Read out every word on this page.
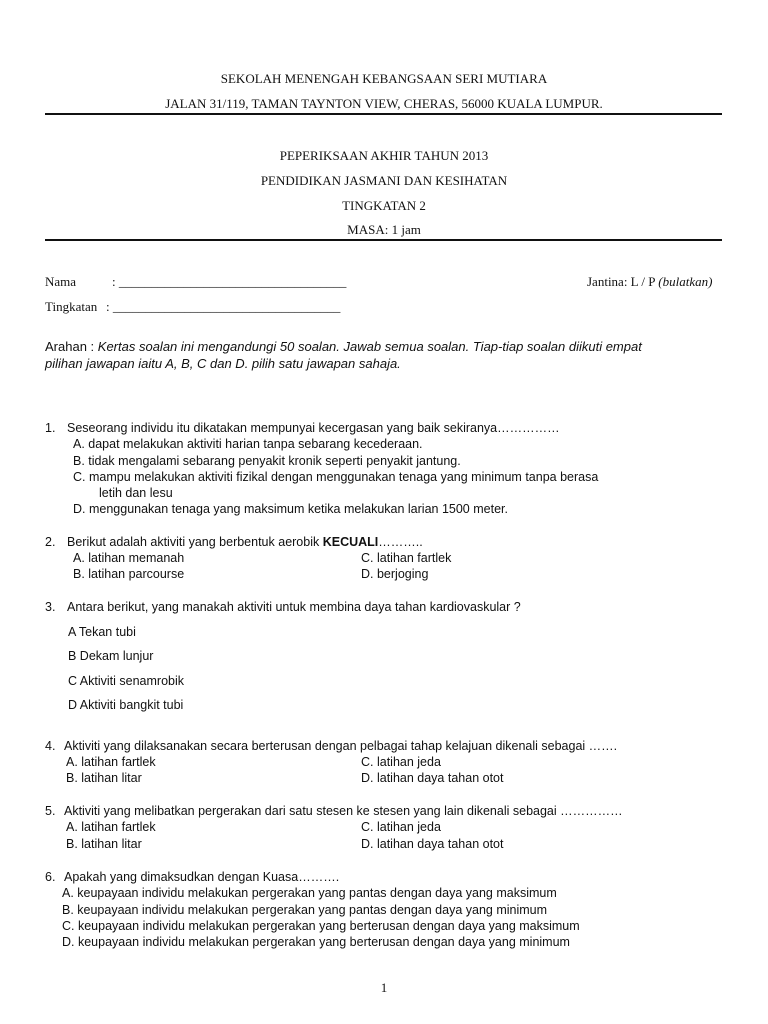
SEKOLAH MENENGAH KEBANGSAAN SERI MUTIARA
JALAN 31/119, TAMAN TAYNTON VIEW, CHERAS, 56000 KUALA LUMPUR.
PEPERIKSAAN AKHIR TAHUN 2013
PENDIDIKAN JASMANI DAN KESIHATAN
TINGKATAN 2
MASA: 1 jam
Nama	: ___________________________________	Jantina: L / P (bulatkan)
Tingkatan : ___________________________________
Arahan : Kertas soalan ini mengandungi 50 soalan. Jawab semua soalan. Tiap-tiap soalan diikuti empat
pilihan jawapan iaitu A, B, C dan D. pilih satu jawapan sahaja.
1. Seseorang individu itu dikatakan mempunyai kecergasan yang baik sekiranya……………
A. dapat melakukan aktiviti harian tanpa sebarang kecederaan.
B. tidak mengalami sebarang penyakit kronik seperti penyakit jantung.
C. mampu melakukan aktiviti fizikal dengan menggunakan tenaga yang minimum tanpa berasa
letih dan lesu
D. menggunakan tenaga yang maksimum ketika melakukan larian 1500 meter.
2. Berikut adalah aktiviti yang berbentuk aerobik KECUALI………..
A. latihan memanah	C. latihan fartlek
B. latihan parcourse	D. berjoging
3. Antara berikut, yang manakah aktiviti untuk membina daya tahan kardiovaskular ?
A Tekan tubi
B Dekam lunjur
C Aktiviti senamrobik
D Aktiviti bangkit tubi
4. Aktiviti yang dilaksanakan secara berterusan dengan pelbagai tahap kelajuan dikenali sebagai …….
A. latihan fartlek	C. latihan jeda
B. latihan litar	D. latihan daya tahan otot
5. Aktiviti yang melibatkan pergerakan dari satu stesen ke stesen yang lain dikenali sebagai ……………
A. latihan fartlek	C. latihan jeda
B. latihan litar	D. latihan daya tahan otot
6. Apakah yang dimaksudkan dengan Kuasa……….
A. keupayaan individu melakukan pergerakan yang pantas dengan daya yang maksimum
B. keupayaan individu melakukan pergerakan yang pantas dengan daya yang minimum
C. keupayaan individu melakukan pergerakan yang berterusan dengan daya yang maksimum
D. keupayaan individu melakukan pergerakan yang berterusan dengan daya yang minimum
1
